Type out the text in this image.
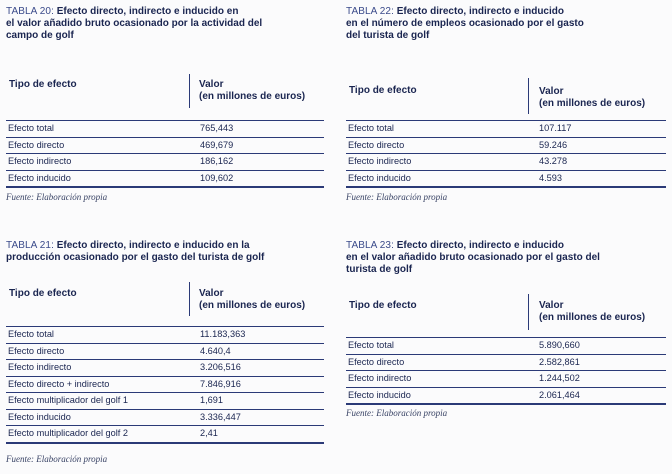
TABLA 20: Efecto directo, indirecto e inducido en
el valor añadido bruto ocasionado por la actividad del
campo de golf
Tipo de efecto	Valor
(en millones de euros)
Efecto total	765,443
Efecto directo	469,679
Efecto indirecto	186,162
Efecto inducido	109,602
Fuente: Elaboración propia
TABLA 21: Efecto directo, indirecto e inducido en la
producción ocasionado por el gasto del turista de golf
Tipo de efecto	Valor
(en millones de euros)
Efecto total	11.183,363
Efecto directo	4.640,4
Efecto indirecto	3.206,516
Efecto directo + indirecto	7.846,916
Efecto multiplicador del golf 1	1,691
Efecto inducido	3.336,447
Efecto multiplicador del golf 2	2,41
Fuente: Elaboración propia
TABLA 22: Efecto directo, indirecto e inducido
en el número de empleos ocasionado por el gasto
del turista de golf
Tipo de efecto	Valor
(en millones de euros)
Efecto total	107.117
Efecto directo	59.246
Efecto indirecto	43.278
Efecto inducido	4.593
Fuente: Elaboración propia
TABLA 23: Efecto directo, indirecto e inducido
en el valor añadido bruto ocasionado por el gasto del
turista de golf
Tipo de efecto	Valor
(en millones de euros)
Efecto total	5.890,660
Efecto directo	2.582,861
Efecto indirecto	1.244,502
Efecto inducido	2.061,464
Fuente: Elaboración propia
